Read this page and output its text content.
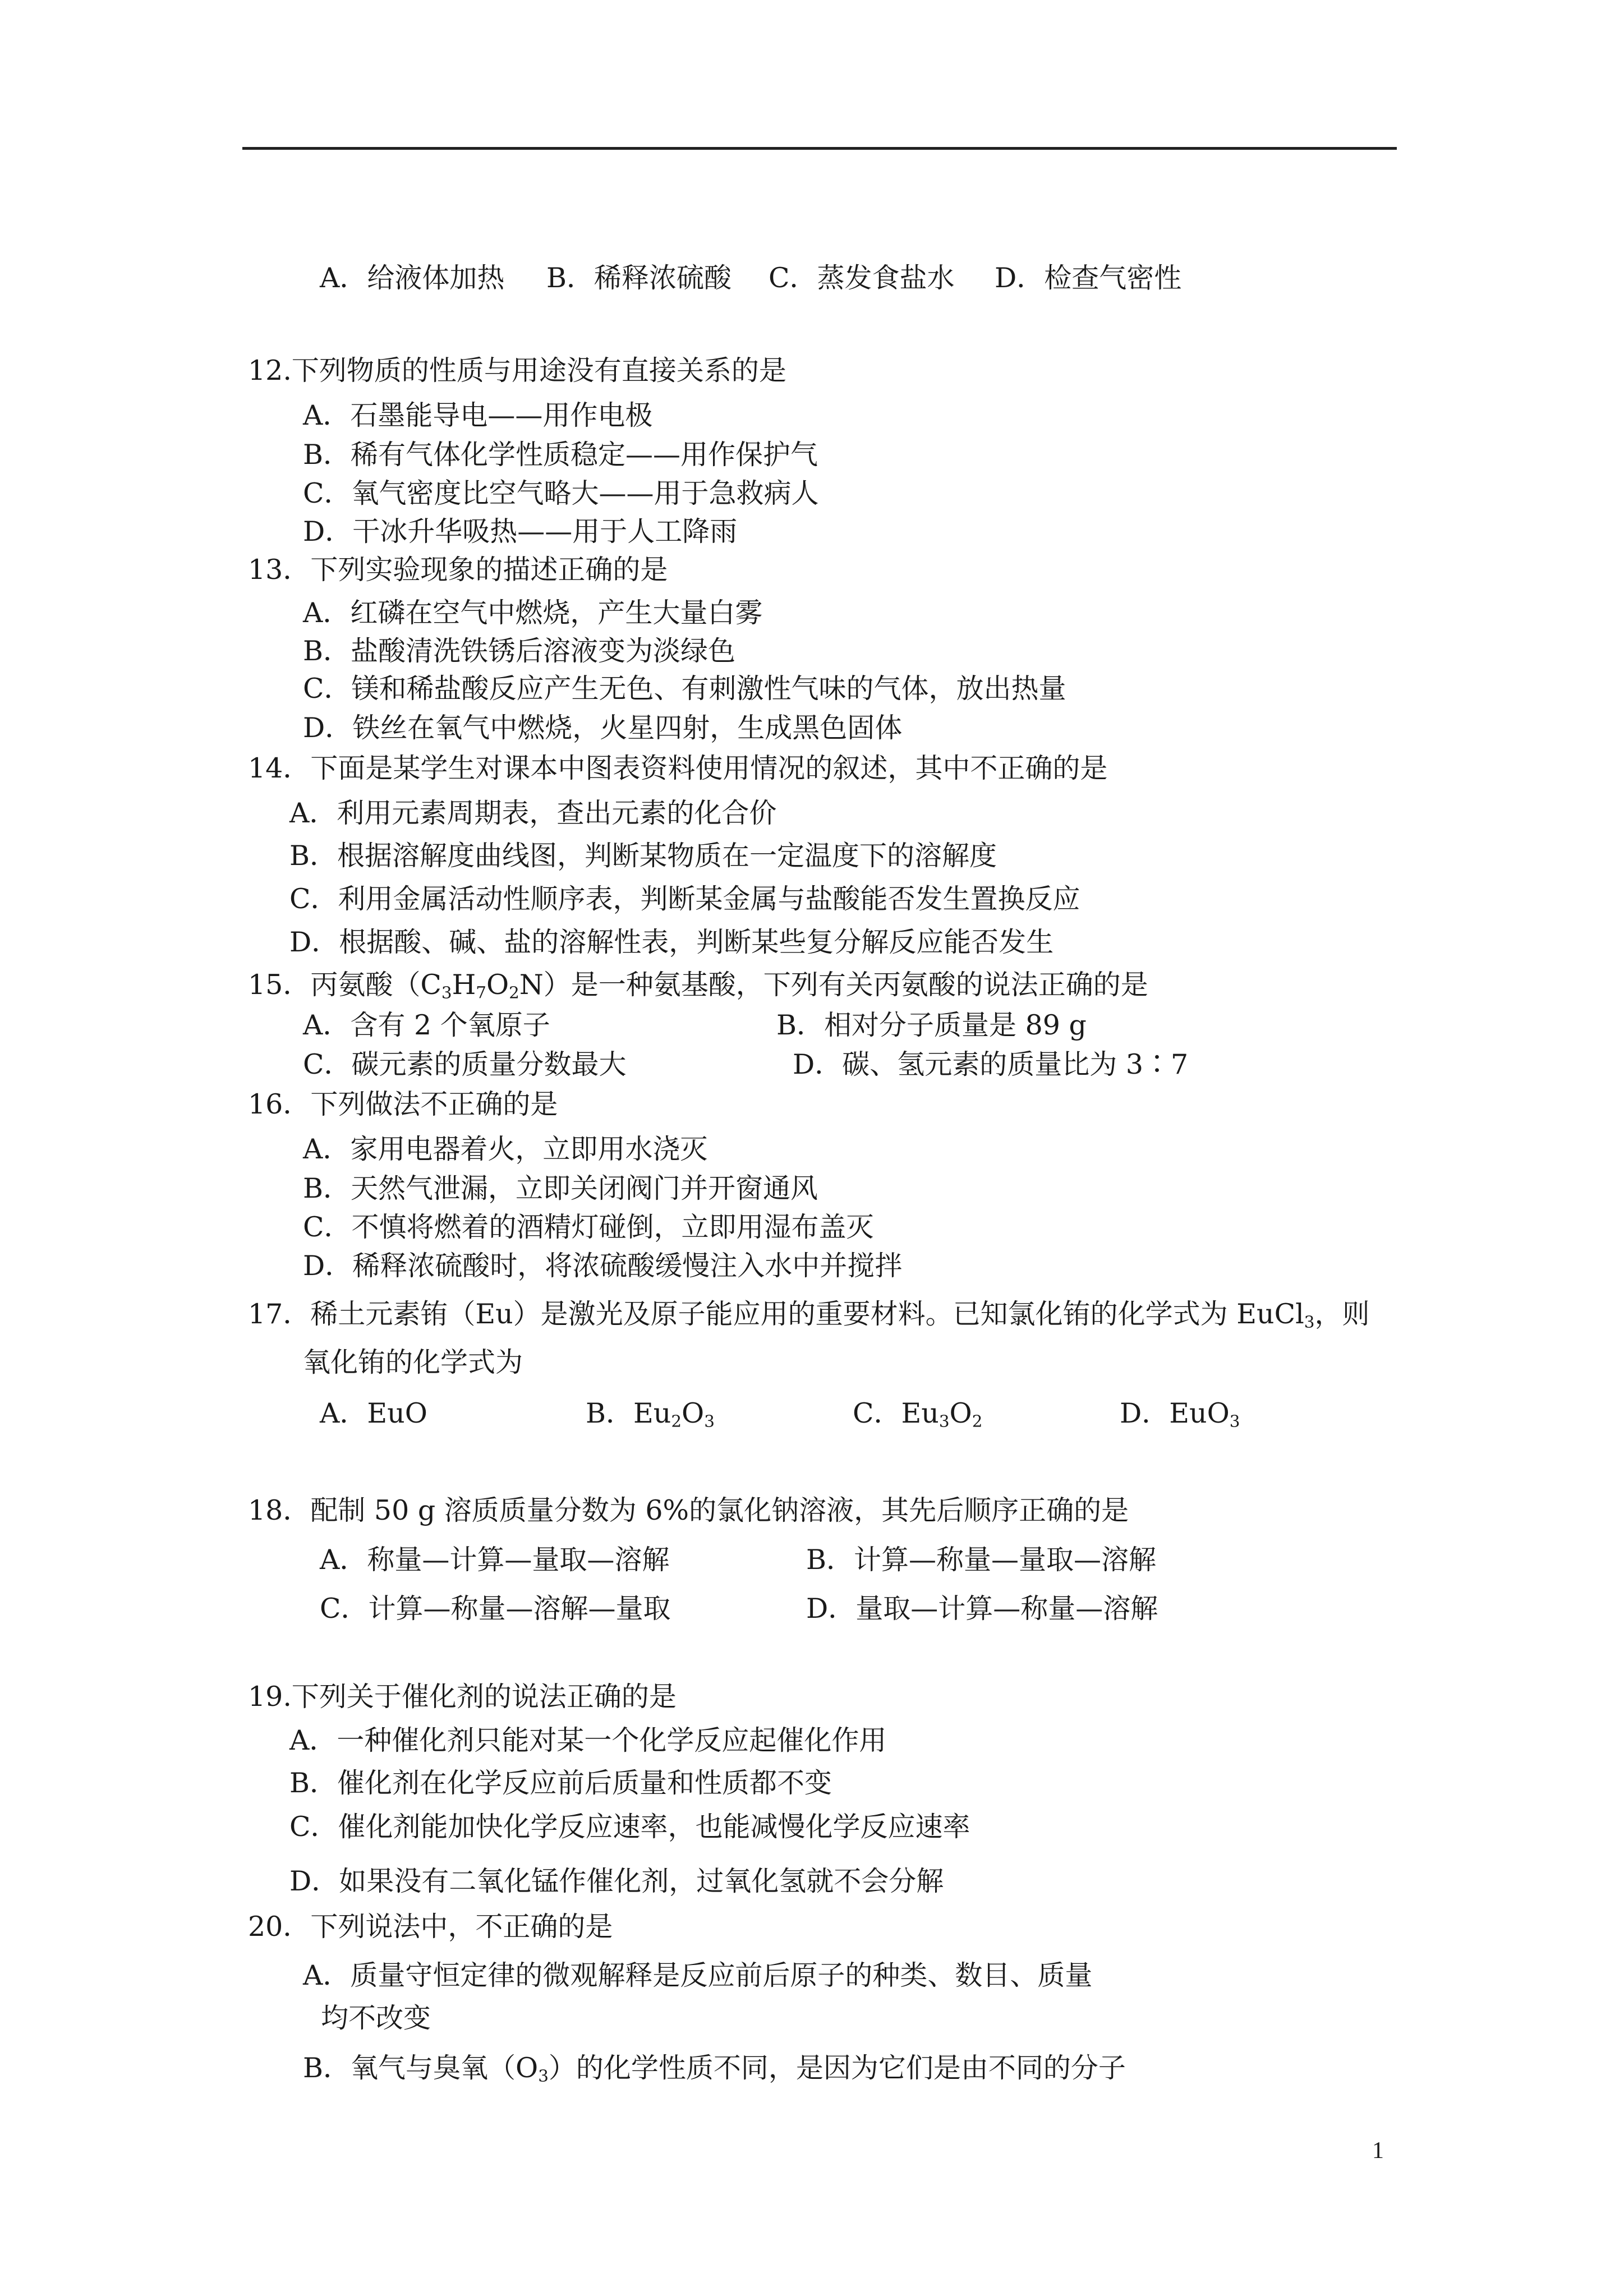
A．给液体加热 B．稀释浓硫酸 C．蒸发食盐水 D．检查气密性
12.下列物质的性质与用途没有直接关系的是
A．石墨能导电——用作电极
B．稀有气体化学性质稳定——用作保护气
C．氧气密度比空气略大——用于急救病人
D．干冰升华吸热——用于人工降雨
13．下列实验现象的描述正确的是
A．红磷在空气中燃烧，产生大量白雾
B．盐酸清洗铁锈后溶液变为淡绿色
C．镁和稀盐酸反应产生无色、有刺激性气味的气体，放出热量
D．铁丝在氧气中燃烧，火星四射，生成黑色固体
14．下面是某学生对课本中图表资料使用情况的叙述，其中不正确的是
A．利用元素周期表，查出元素的化合价
B．根据溶解度曲线图，判断某物质在一定温度下的溶解度
C．利用金属活动性顺序表，判断某金属与盐酸能否发生置换反应
D．根据酸、碱、盐的溶解性表，判断某些复分解反应能否发生
15．丙氨酸$(C_3H_7O_2N)$是一种氨基酸，下列有关丙氨酸的说法正确的是
A．含有 2 个氧原子	B．相对分子质量是 89 g
C．碳元素的质量分数最大	D．碳、氢元素的质量比为 3∶7
16．下列做法不正确的是
A．家用电器着火，立即用水浇灭
B．天然气泄漏，立即关闭阀门并开窗通风
C．不慎将燃着的酒精灯碰倒，立即用湿布盖灭
D．稀释浓硫酸时，将浓硫酸缓慢注入水中并搅拌
17．稀土元素铕（Eu）是激光及原子能应用的重要材料。已知氯化铕的化学式为 EuCl$_3$，则
氧化铕的化学式为
A．EuO	B．$Eu_2O_3$	C．$Eu_3O_2$	D．EuO$_3$
18．配制 50 g 溶质质量分数为 6%的氯化钠溶液，其先后顺序正确的是
A．称量—计算—量取—溶解	B．计算—称量—量取—溶解
C．计算—称量—溶解—量取	D．量取—计算—称量—溶解
19.下列关于催化剂的说法正确的是
A．一种催化剂只能对某一个化学反应起催化作用
B．催化剂在化学反应前后质量和性质都不变
C．催化剂能加快化学反应速率，也能减慢化学反应速率
D．如果没有二氧化锰作催化剂，过氧化氢就不会分解
20．下列说法中，不正确的是
A．质量守恒定律的微观解释是反应前后原子的种类、数目、质量
均不改变
B．氧气与臭氧$(O_3)$的化学性质不同，是因为它们是由不同的分子
1
